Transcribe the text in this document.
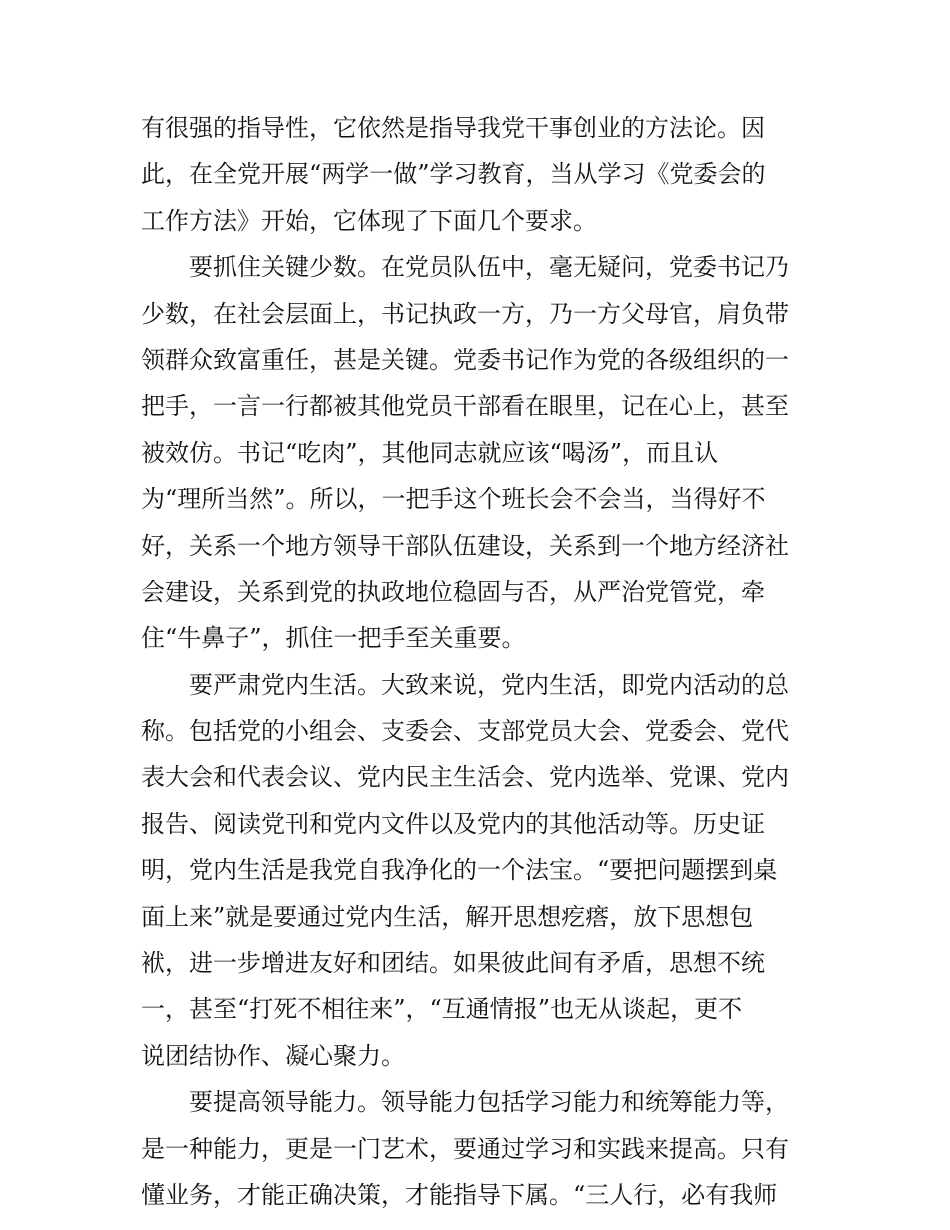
有很强的指导性，它依然是指导我党干事创业的方法论。因
此，在全党开展“两学一做”学习教育，当从学习《党委会的
工作方法》开始，它体现了下面几个要求。
要抓住关键少数。在党员队伍中，毫无疑问，党委书记乃
少数，在社会层面上，书记执政一方，乃一方父母官，肩负带
领群众致富重任，甚是关键。党委书记作为党的各级组织的一
把手，一言一行都被其他党员干部看在眼里，记在心上，甚至
被效仿。书记“吃肉”，其他同志就应该“喝汤”，而且认
为“理所当然”。所以，一把手这个班长会不会当，当得好不
好，关系一个地方领导干部队伍建设，关系到一个地方经济社
会建设，关系到党的执政地位稳固与否，从严治党管党，牵
住“牛鼻子”，抓住一把手至关重要。
要严肃党内生活。大致来说，党内生活，即党内活动的总
称。包括党的小组会、支委会、支部党员大会、党委会、党代
表大会和代表会议、党内民主生活会、党内选举、党课、党内
报告、阅读党刊和党内文件以及党内的其他活动等。历史证
明，党内生活是我党自我净化的一个法宝。“要把问题摆到桌
面上来”就是要通过党内生活，解开思想疙瘩，放下思想包
袱，进一步增进友好和团结。如果彼此间有矛盾，思想不统
一，甚至“打死不相往来”，“互通情报”也无从谈起，更不
说团结协作、凝心聚力。
要提高领导能力。领导能力包括学习能力和统筹能力等，
是一种能力，更是一门艺术，要通过学习和实践来提高。只有
懂业务，才能正确决策，才能指导下属。“三人行，必有我师
